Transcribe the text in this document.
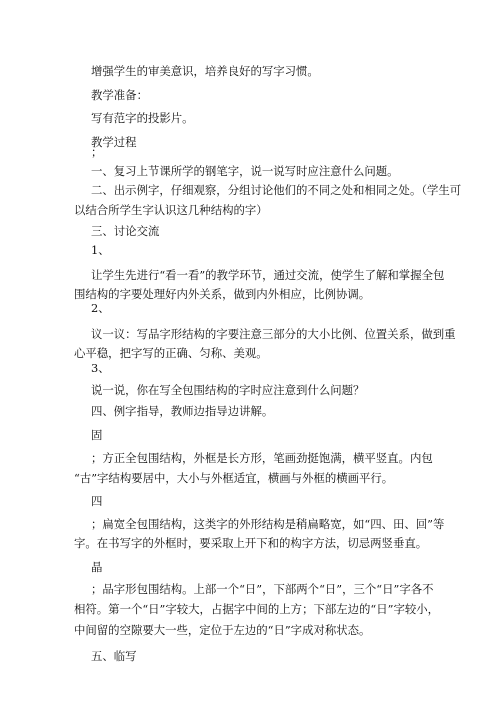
增强学生的审美意识，培养良好的写字习惯。

教学准备：

写有范字的投影片。

教学过程

；

一、复习上节课所学的钢笔字，说一说写时应注意什么问题。

二、出示例字，仔细观察，分组讨论他们的不同之处和相同之处。（学生可

以结合所学生字认识这几种结构的字）

三、讨论交流

1、

让学生先进行“看一看”的教学环节，通过交流，使学生了解和掌握全包

围结构的字要处理好内外关系，做到内外相应，比例协调。

2、

议一议：写品字形结构的字要注意三部分的大小比例、位置关系，做到重

心平稳，把字写的正确、匀称、美观。

3、

说一说，你在写全包围结构的字时应注意到什么问题？

四、例字指导，教师边指导边讲解。

固

；方正全包围结构，外框是长方形，笔画劲挺饱满，横平竖直。内包

“古”字结构要居中，大小与外框适宜，横画与外框的横画平行。

四

；扁宽全包围结构，这类字的外形结构是稍扁略宽，如“四、田、回”等

字。在书写字的外框时，要采取上开下和的构字方法，切忌两竖垂直。

晶

；品字形包围结构。上部一个“日”，下部两个“日”，三个“日”字各不

相符。第一个“日”字较大，占据字中间的上方；下部左边的“日”字较小，

中间留的空隙要大一些，定位于左边的“日”字成对称状态。

五、临写
